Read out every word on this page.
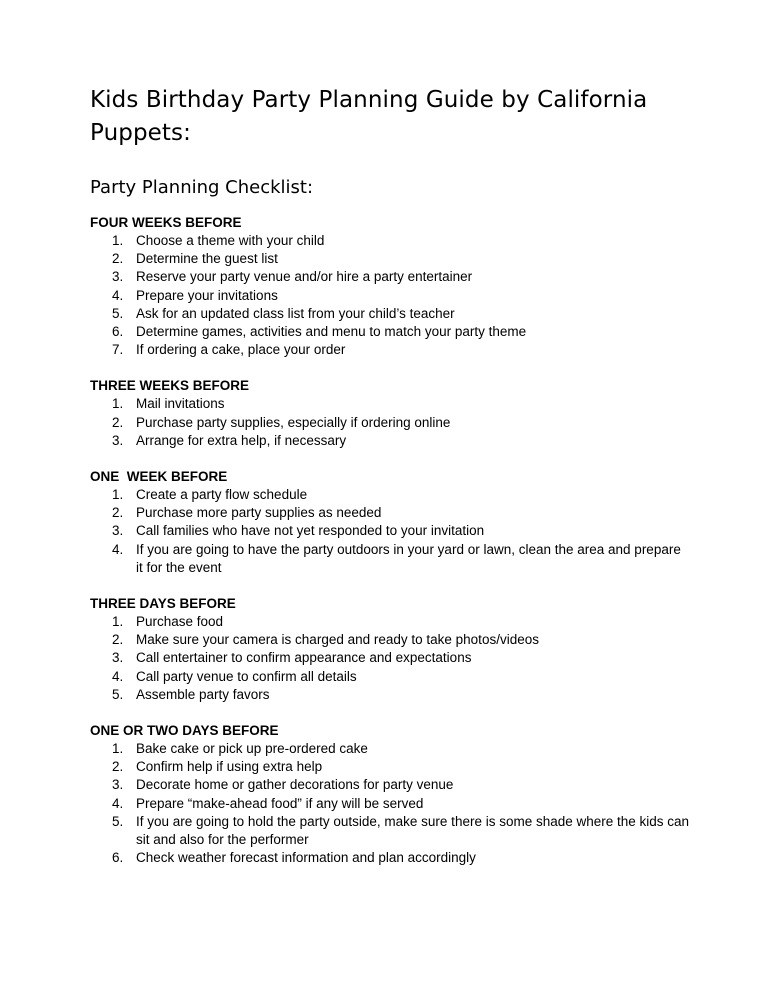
Kids Birthday Party Planning Guide by California Puppets:
Party Planning Checklist:
FOUR WEEKS BEFORE
1. Choose a theme with your child
2. Determine the guest list
3. Reserve your party venue and/or hire a party entertainer
4. Prepare your invitations
5. Ask for an updated class list from your child’s teacher
6. Determine games, activities and menu to match your party theme
7. If ordering a cake, place your order
THREE WEEKS BEFORE
1. Mail invitations
2. Purchase party supplies, especially if ordering online
3. Arrange for extra help, if necessary
ONE  WEEK BEFORE
1. Create a party flow schedule
2. Purchase more party supplies as needed
3. Call families who have not yet responded to your invitation
4. If you are going to have the party outdoors in your yard or lawn, clean the area and prepare it for the event
THREE DAYS BEFORE
1. Purchase food
2. Make sure your camera is charged and ready to take photos/videos
3. Call entertainer to confirm appearance and expectations
4. Call party venue to confirm all details
5. Assemble party favors
ONE OR TWO DAYS BEFORE
1. Bake cake or pick up pre-ordered cake
2. Confirm help if using extra help
3. Decorate home or gather decorations for party venue
4. Prepare “make-ahead food” if any will be served
5. If you are going to hold the party outside, make sure there is some shade where the kids can sit and also for the performer
6. Check weather forecast information and plan accordingly
